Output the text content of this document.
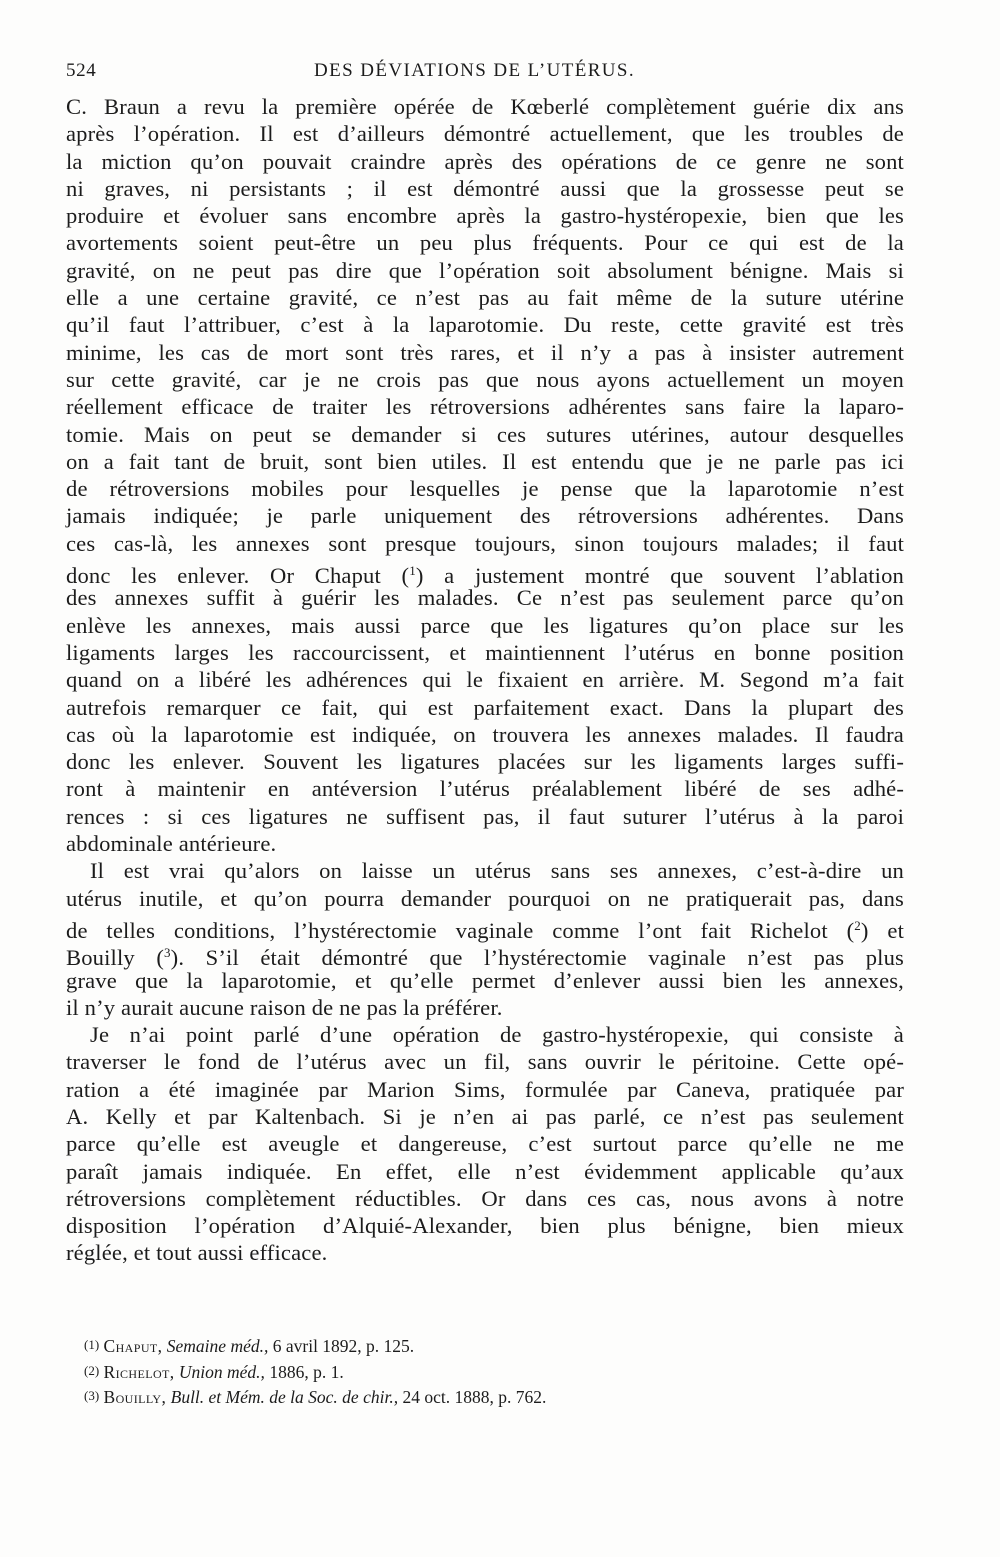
524	DES DÉVIATIONS DE L’UTÉRUS.
C. Braun a revu la première opérée de Kœberlé complètement guérie dix ans
après l’opération. Il est d’ailleurs démontré actuellement, que les troubles de
la miction qu’on pouvait craindre après des opérations de ce genre ne sont
ni graves, ni persistants ; il est démontré aussi que la grossesse peut se
produire et évoluer sans encombre après la gastro-hystéropexie, bien que les
avortements soient peut-être un peu plus fréquents. Pour ce qui est de la
gravité, on ne peut pas dire que l’opération soit absolument bénigne. Mais si
elle a une certaine gravité, ce n’est pas au fait même de la suture utérine
qu’il faut l’attribuer, c’est à la laparotomie. Du reste, cette gravité est très
minime, les cas de mort sont très rares, et il n’y a pas à insister autrement
sur cette gravité, car je ne crois pas que nous ayons actuellement un moyen
réellement efficace de traiter les rétroversions adhérentes sans faire la laparo-
tomie. Mais on peut se demander si ces sutures utérines, autour desquelles
on a fait tant de bruit, sont bien utiles. Il est entendu que je ne parle pas ici
de rétroversions mobiles pour lesquelles je pense que la laparotomie n’est
jamais indiquée; je parle uniquement des rétroversions adhérentes. Dans
ces cas-là, les annexes sont presque toujours, sinon toujours malades; il faut
donc les enlever. Or Chaput ($^1$) a justement montré que souvent l’ablation
des annexes suffit à guérir les malades. Ce n’est pas seulement parce qu’on
enlève les annexes, mais aussi parce que les ligatures qu’on place sur les
ligaments larges les raccourcissent, et maintiennent l’utérus en bonne position
quand on a libéré les adhérences qui le fixaient en arrière. M. Segond m’a fait
autrefois remarquer ce fait, qui est parfaitement exact. Dans la plupart des
cas où la laparotomie est indiquée, on trouvera les annexes malades. Il faudra
donc les enlever. Souvent les ligatures placées sur les ligaments larges suffi-
ront à maintenir en antéversion l’utérus préalablement libéré de ses adhé-
rences : si ces ligatures ne suffisent pas, il faut suturer l’utérus à la paroi
abdominale antérieure.
Il est vrai qu’alors on laisse un utérus sans ses annexes, c’est-à-dire un
utérus inutile, et qu’on pourra demander pourquoi on ne pratiquerait pas, dans
de telles conditions, l’hystérectomie vaginale comme l’ont fait Richelot ($^2$) et
Bouilly ($^3$). S’il était démontré que l’hystérectomie vaginale n’est pas plus
grave que la laparotomie, et qu’elle permet d’enlever aussi bien les annexes,
il n’y aurait aucune raison de ne pas la préférer.
Je n’ai point parlé d’une opération de gastro-hystéropexie, qui consiste à
traverser le fond de l’utérus avec un fil, sans ouvrir le péritoine. Cette opé-
ration a été imaginée par Marion Sims, formulée par Caneva, pratiquée par
A. Kelly et par Kaltenbach. Si je n’en ai pas parlé, ce n’est pas seulement
parce qu’elle est aveugle et dangereuse, c’est surtout parce qu’elle ne me
paraît jamais indiquée. En effet, elle n’est évidemment applicable qu’aux
rétroversions complètement réductibles. Or dans ces cas, nous avons à notre
disposition l’opération d’Alquié-Alexander, bien plus bénigne, bien mieux
réglée, et tout aussi efficace.
(1) Chaput, Semaine méd., 6 avril 1892, p. 125.
(2) Richelot, Union méd., 1886, p. 1.
(3) Bouilly, Bull. et Mém. de la Soc. de chir., 24 oct. 1888, p. 762.
